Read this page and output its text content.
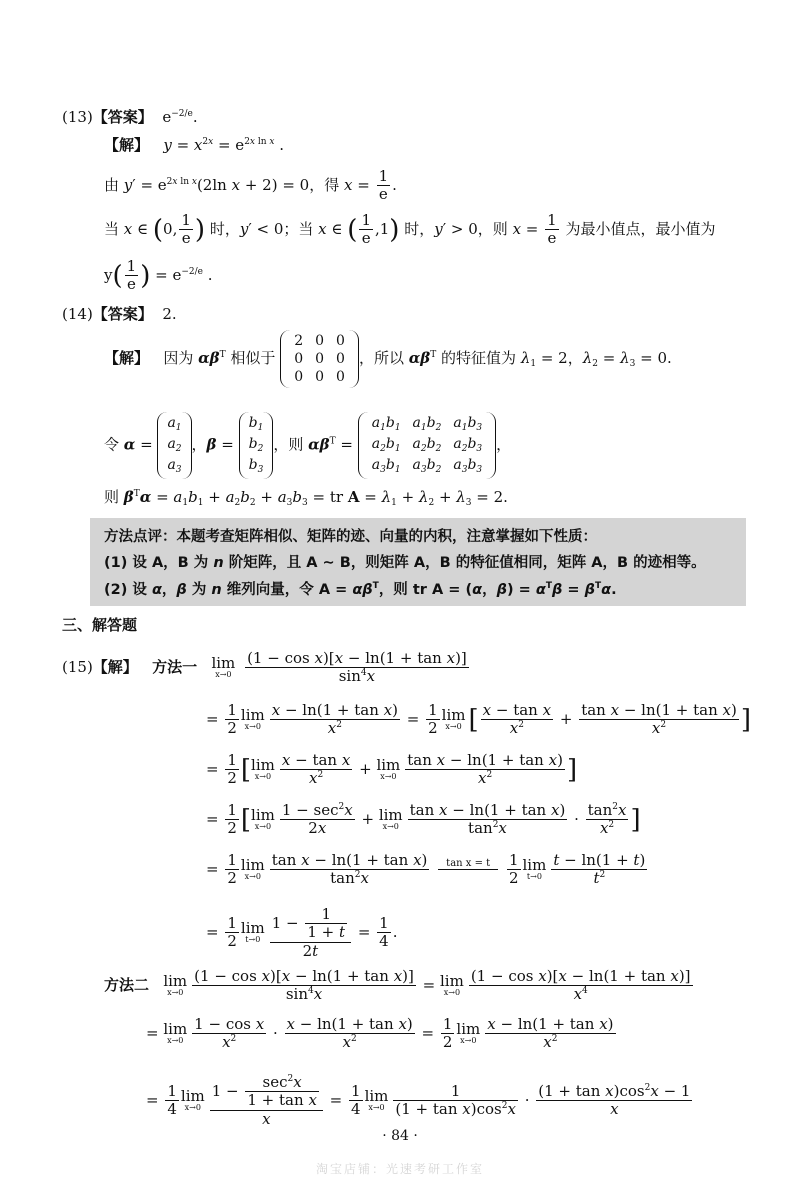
(13)【答案】 $e^{-2/e}$.
【解】 $y = x^{2x} = e^{2x ln x}$ .
由 $y' = e^{2x ln x}(2\ln$ x + 2) = 0，得 $x = \frac{1}{e}$ .
当 x ∈ (0, $\frac{1}{e}$ ) 时，y′ < 0；当 x ∈ ( $\frac{1}{e} ,1$) 时，y′ > 0，则 $x = \frac{1}{e}$ 为最小值点，最小值为
$y( \frac{1}{e}$ ) = $e^{-2/e}$ .
(14)【答案】 2.
【解】 因为 $\alpha\beta^T$ 相似于
2	0	0
0	0	0
0	0	0
，所以 $\alpha\beta^T$ 的特征值为 $\lambda_1 = 2$，$\lambda_2 = \lambda_3 = 0$.
令 α =
$a_1$
$a_2$
$a_3$
，β =
$b_1$
$b_2$
$b_3$
，则 $\alpha\beta^T$ =
$a_1b_1$	$a_1b_2$	$a_1b_3$
$a_2b_1$	$a_2b_2$	$a_2b_3$
$a_3b_1$	$a_3b_2$	$a_3b_3$
，
则 $\beta^T\alpha = a_1b_1 + a_2b_2 + a_3b_3$ = tr $A = \lambda_1 + \lambda_2 + \lambda_3 = 2$.
方法点评：本题考查矩阵相似、矩阵的迹、向量的内积，注意掌握如下性质：
(1) 设 A，B 为 n 阶矩阵，且 A ∼ B，则矩阵 A，B 的特征值相同，矩阵 A，B 的迹相等。
(2) 设 α，β 为 n 维列向量，令 $A = \alpha\beta^T$，则 tr A = (α，$\beta) = \alpha^T\beta = \beta^T\alpha$.
三、解答题
(15)【解】 方法一 lim
x→0
$\frac{\text{(1 − cos x)[x − ln(1 + tan x)]}}{\sin^4x}$
= $\frac{1}{2}$ lim
$x\to 0 \frac{\text{x − ln(1 + tan x)}}{x^2} = \frac{1}{2}$ lim
x→0 [ $\frac{\text{x − tan x}}{x^2} + \frac{\text{tan x − ln(1 + tan x)}}{x^2}$ ]
= $\frac{1}{2} [\lim$
$x\to 0 \frac{\text{x − tan x}}{x^2} + \lim$
$x\to 0 \frac{\text{tan x − ln(1 + tan x)}}{x^2}$ ]
= $\frac{1}{2} [\lim$
$x\to 0 \frac{1 - \sec^2x}{2x} + \lim$
$x\to 0 \frac{\text{tan x − ln(1 + tan x)}}{\tan^2x} \cdot \frac{\tan^2x}{x^2}$ ]
= $\frac{1}{2}$ lim
$x\to 0 \frac{\text{tan x − ln(1 + tan x)}}{\tan^2x}$
	tan x = t

	$\frac{1}{2}$ lim
$t\to 0 \frac{t - \ln(1 + t)}{t^2}$
= $\frac{1}{2}$ lim
$t\to 0 \frac{1 - \frac{1}{1 + t}}{2t} = \frac{1}{4}$ .
方法二 lim
$x\to 0 \frac{\text{(1 − cos x)[x − ln(1 + tan x)]}}{\sin^4x} = \lim$
$x\to 0 \frac{\text{(1 − cos x)[x − ln(1 + tan x)]}}{x^4}$
= lim
$x\to 0 \frac{\text{1 − cos x}}{x^2} \cdot \frac{\text{x − ln(1 + tan x)}}{x^2} = \frac{1}{2}$ lim
$x\to 0 \frac{\text{x − ln(1 + tan x)}}{x^2}$
= $\frac{1}{4}$ lim
$x\to 0 \frac{1 - \frac{\sec^2x}{\text{1 + tan x}}}{x} = \frac{1}{4}$ lim
$x\to 0 \frac{1}{(1 + \tan x)\cos^2x} \cdot \frac{(1 + \tan x)\cos^2x - 1}{x}$
· 84 ·
淘宝店铺：光速考研工作室
